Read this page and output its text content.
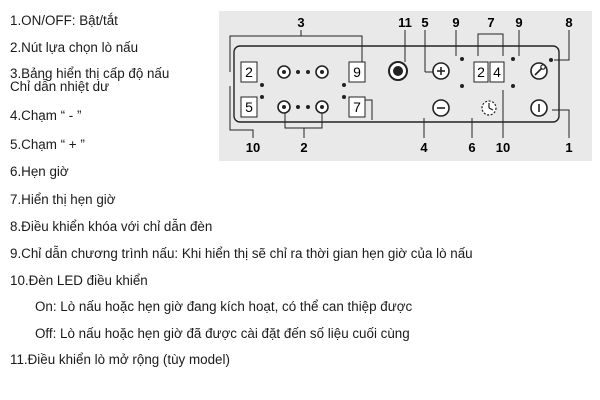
3	11 5 9 7 9	8
10	2	4	6 10	1
2	9
5	7
2 4
1.ON/OFF: Bật/tắt
2.Nút lựa chọn lò nấu
3.Bảng hiển thị cấp độ nấu
Chỉ dẫn nhiệt dư
4.Chạm “ - ”
5.Chạm “ + ”
6.Hẹn giờ
7.Hiển thị hẹn giờ
8.Điều khiển khóa với chỉ dẫn đèn
9.Chỉ dẫn chương trình nấu: Khi hiển thị sẽ chỉ ra thời gian hẹn giờ của lò nấu
10.Đèn LED điều khiển
On: Lò nấu hoặc hẹn giờ đang kích hoạt, có thể can thiệp được
Off: Lò nấu hoặc hẹn giờ đã được cài đặt đến số liệu cuối cùng
11.Điều khiển lò mở rộng (tùy model)
